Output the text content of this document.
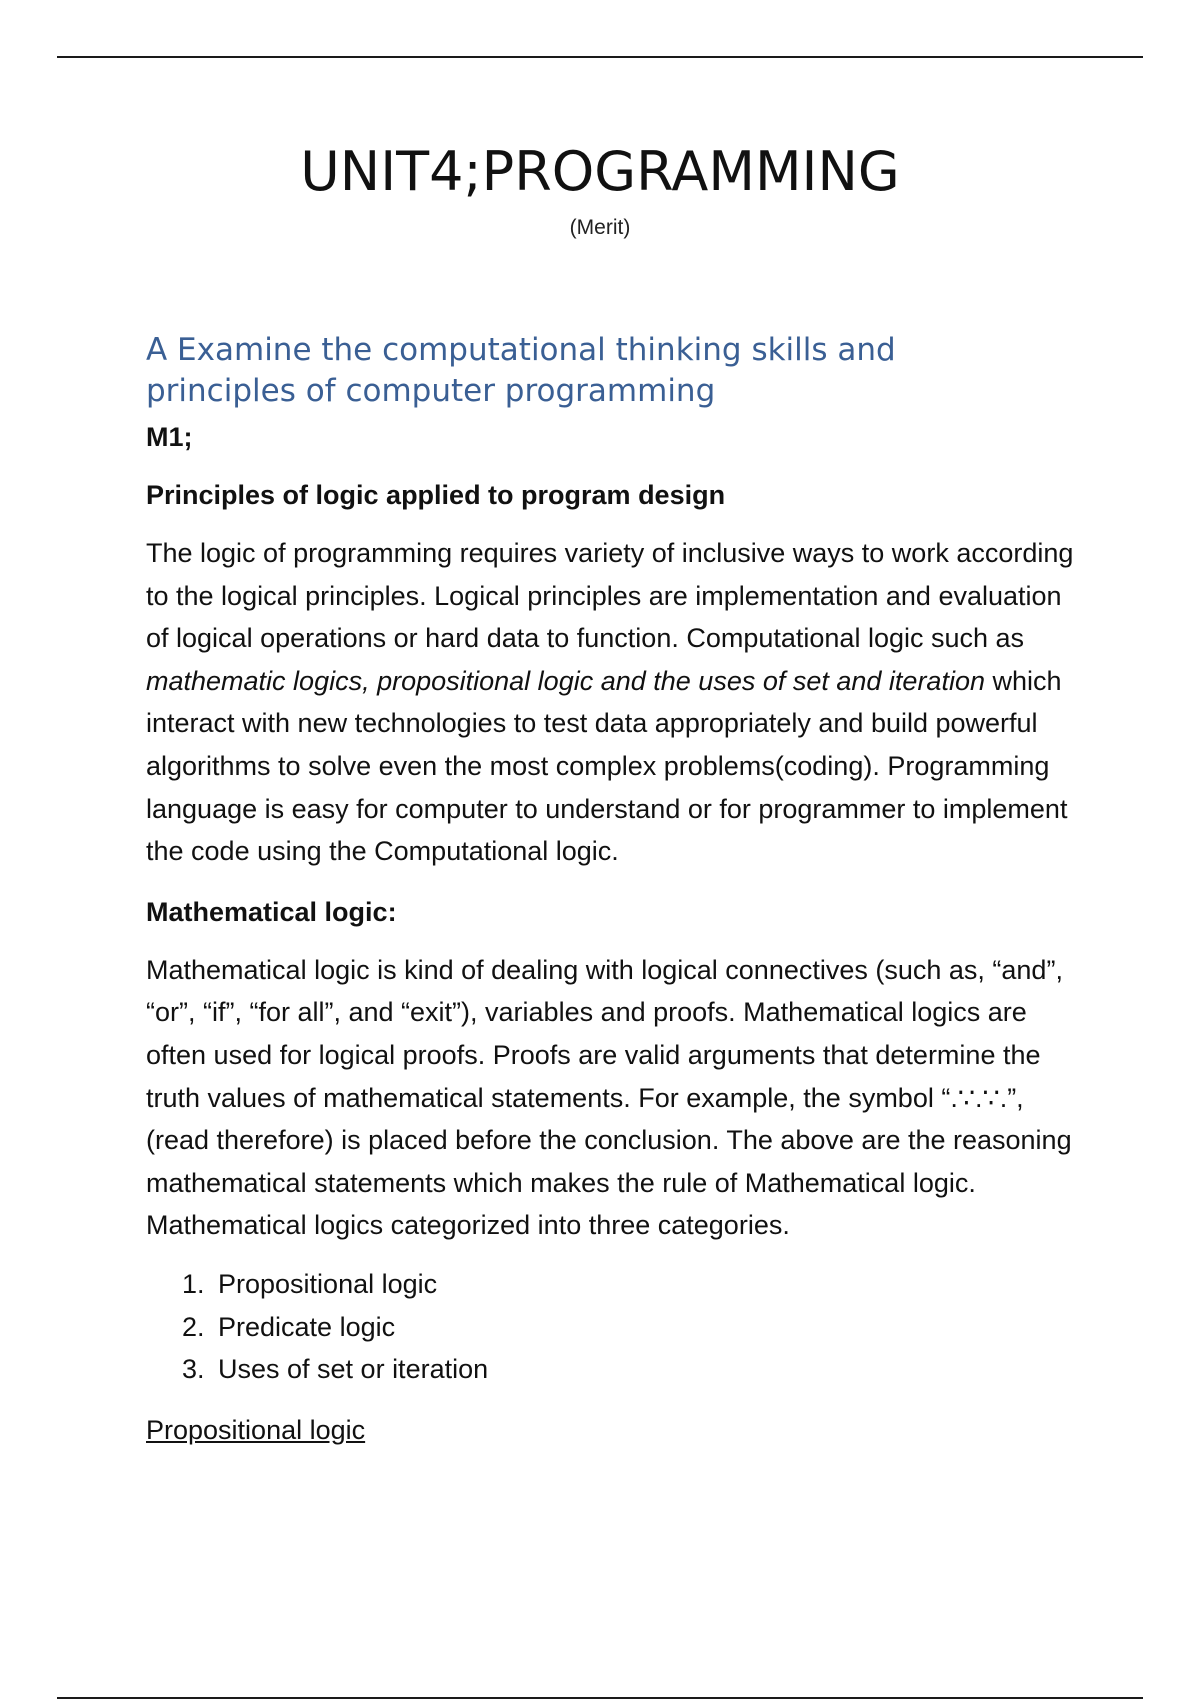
UNIT4;PROGRAMMING
(Merit)
A Examine the computational thinking skills and
principles of computer programming

M1;

Principles of logic applied to program design

The logic of programming requires variety of inclusive ways to work according to the logical principles. Logical principles are implementation and evaluation of logical operations or hard data to function. Computational logic such as mathematic logics, propositional logic and the uses of set and iteration which interact with new technologies to test data appropriately and build powerful algorithms to solve even the most complex problems(coding). Programming language is easy for computer to understand or for programmer to implement the code using the Computational logic.

Mathematical logic:

Mathematical logic is kind of dealing with logical connectives (such as, “and”, “or”, “if”, “for all”, and “exit”), variables and proofs. Mathematical logics are often used for logical proofs. Proofs are valid arguments that determine the truth values of mathematical statements. For example, the symbol “.∵.∵.”, (read therefore) is placed before the conclusion. The above are the reasoning mathematical statements which makes the rule of Mathematical logic. Mathematical logics categorized into three categories.

1. Propositional logic
2. Predicate logic
3. Uses of set or iteration

Propositional logic
